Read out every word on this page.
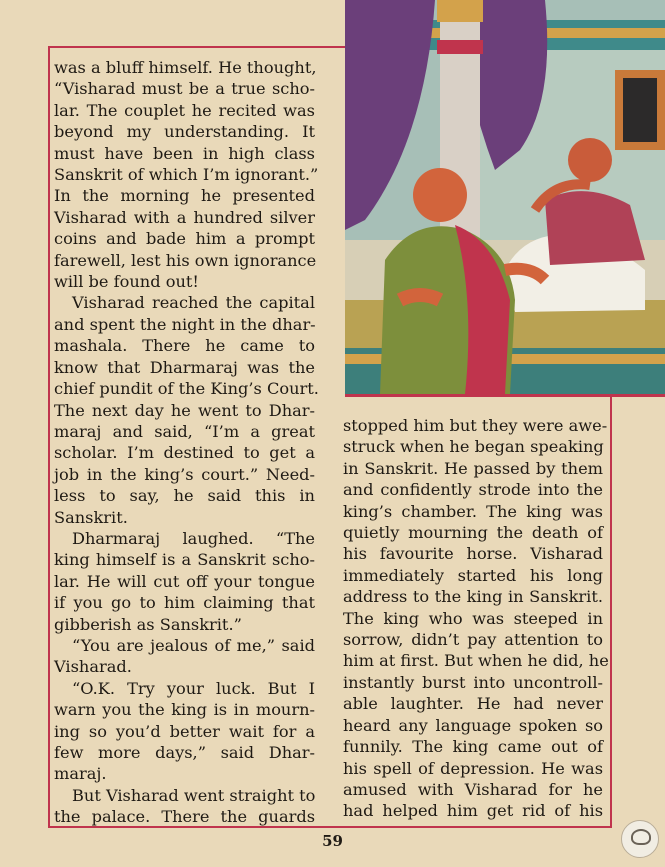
was a bluff himself. He thought,
“Visharad must be a true scho-
lar. The couplet he recited was
beyond my understanding. It
must have been in high class
Sanskrit of which I’m ignorant.”
In the morning he presented
Visharad with a hundred silver
coins and bade him a prompt
farewell, lest his own ignorance
will be found out!
Visharad reached the capital
and spent the night in the dhar-
mashala. There he came to
know that Dharmaraj was the
chief pundit of the King’s Court.
The next day he went to Dhar-
maraj and said, “I’m a great
scholar. I’m destined to get a
job in the king’s court.” Need-
less to say, he said this in
Sanskrit.
Dharmaraj laughed. “The
king himself is a Sanskrit scho-
lar. He will cut off your tongue
if you go to him claiming that
gibberish as Sanskrit.”
“You are jealous of me,” said
Visharad.
“O.K. Try your luck. But I
warn you the king is in mourn-
ing so you’d better wait for a
few more days,” said Dhar-
maraj.
But Visharad went straight to
the palace. There the guards
stopped him but they were awe-
struck when he began speaking
in Sanskrit. He passed by them
and confidently strode into the
king’s chamber. The king was
quietly mourning the death of
his favourite horse. Visharad
immediately started his long
address to the king in Sanskrit.
The king who was steeped in
sorrow, didn’t pay attention to
him at first. But when he did, he
instantly burst into uncontroll-
able laughter. He had never
heard any language spoken so
funnily. The king came out of
his spell of depression. He was
amused with Visharad for he
had helped him get rid of his
59
